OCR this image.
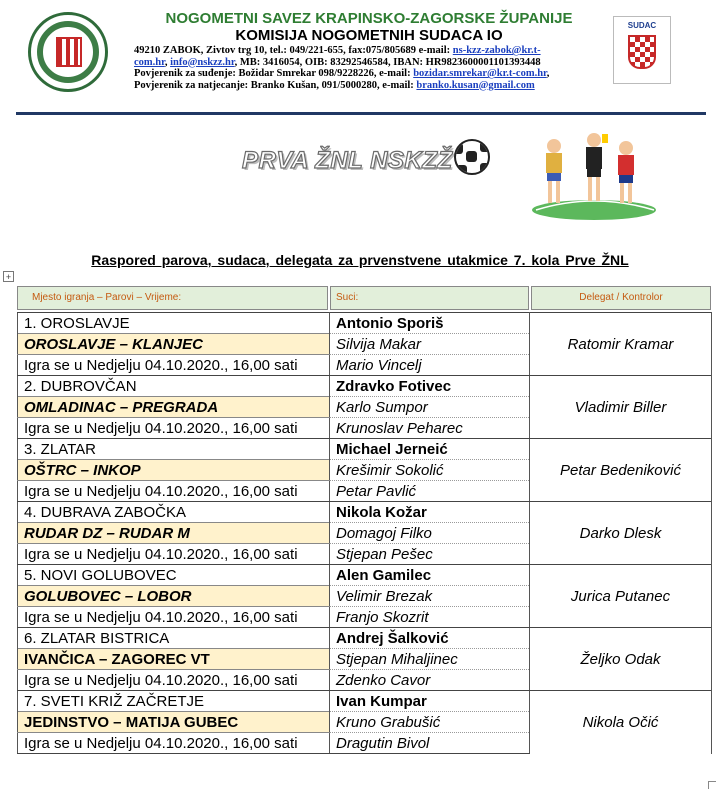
NOGOMETNI SAVEZ KRAPINSKO-ZAGORSKE ŽUPANIJE
KOMISIJA NOGOMETNIH SUDACA IO
49210 ZABOK, Zivtov trg 10, tel.: 049/221-655, fax:075/805689 e-mail: ns-kzz-zabok@kr.t-
com.hr, info@nskzz.hr, MB: 3416054, OIB: 83292546584, IBAN: HR9823600001101393448
Povjerenik za suđenje: Božidar Smrekar 098/9228226, e-mail: bozidar.smrekar@kr.t-com.hr,
Povjerenik za natjecanje: Branko Kušan, 091/5000280, e-mail: branko.kusan@gmail.com
SUDAC
PRVA ŽNL NSKZŽ
Raspored parova, sudaca, delegata za prvenstvene utakmice 7. kola Prve ŽNL
+
Mjesto igranja – Parovi – Vrijeme:	Suci:	Delegat / Kontrolor
1. OROSLAVJE	Antonio Sporiš	Ratomir Kramar
OROSLAVJE – KLANJEC	Silvija Makar	
Igra se u Nedjelju 04.10.2020., 16,00 sati	Mario Vincelj	
2. DUBROVČAN	Zdravko Fotivec	Vladimir Biller
OMLADINAC – PREGRADA	Karlo Sumpor	
Igra se u Nedjelju 04.10.2020., 16,00 sati	Krunoslav Peharec	
3. ZLATAR	Michael Jerneić	Petar Bedeniković
OŠTRC – INKOP	Krešimir Sokolić	
Igra se u Nedjelju 04.10.2020., 16,00 sati	Petar Pavlić	
4. DUBRAVA ZABOČKA	Nikola Kožar	Darko Dlesk
RUDAR DZ – RUDAR M	Domagoj Filko	
Igra se u Nedjelju 04.10.2020., 16,00 sati	Stjepan Pešec	
5. NOVI GOLUBOVEC	Alen Gamilec	Jurica Putanec
GOLUBOVEC – LOBOR	Velimir Brezak	
Igra se u Nedjelju 04.10.2020., 16,00 sati	Franjo Skozrit	
6. ZLATAR BISTRICA	Andrej Šalković	Željko Odak
IVANČICA – ZAGOREC VT	Stjepan Mihaljinec	
Igra se u Nedjelju 04.10.2020., 16,00 sati	Zdenko Cavor	
7. SVETI KRIŽ ZAČRETJE	Ivan Kumpar	Nikola Očić
JEDINSTVO – MATIJA GUBEC	Kruno Grabušić	
Igra se u Nedjelju 04.10.2020., 16,00 sati	Dragutin Bivol	
